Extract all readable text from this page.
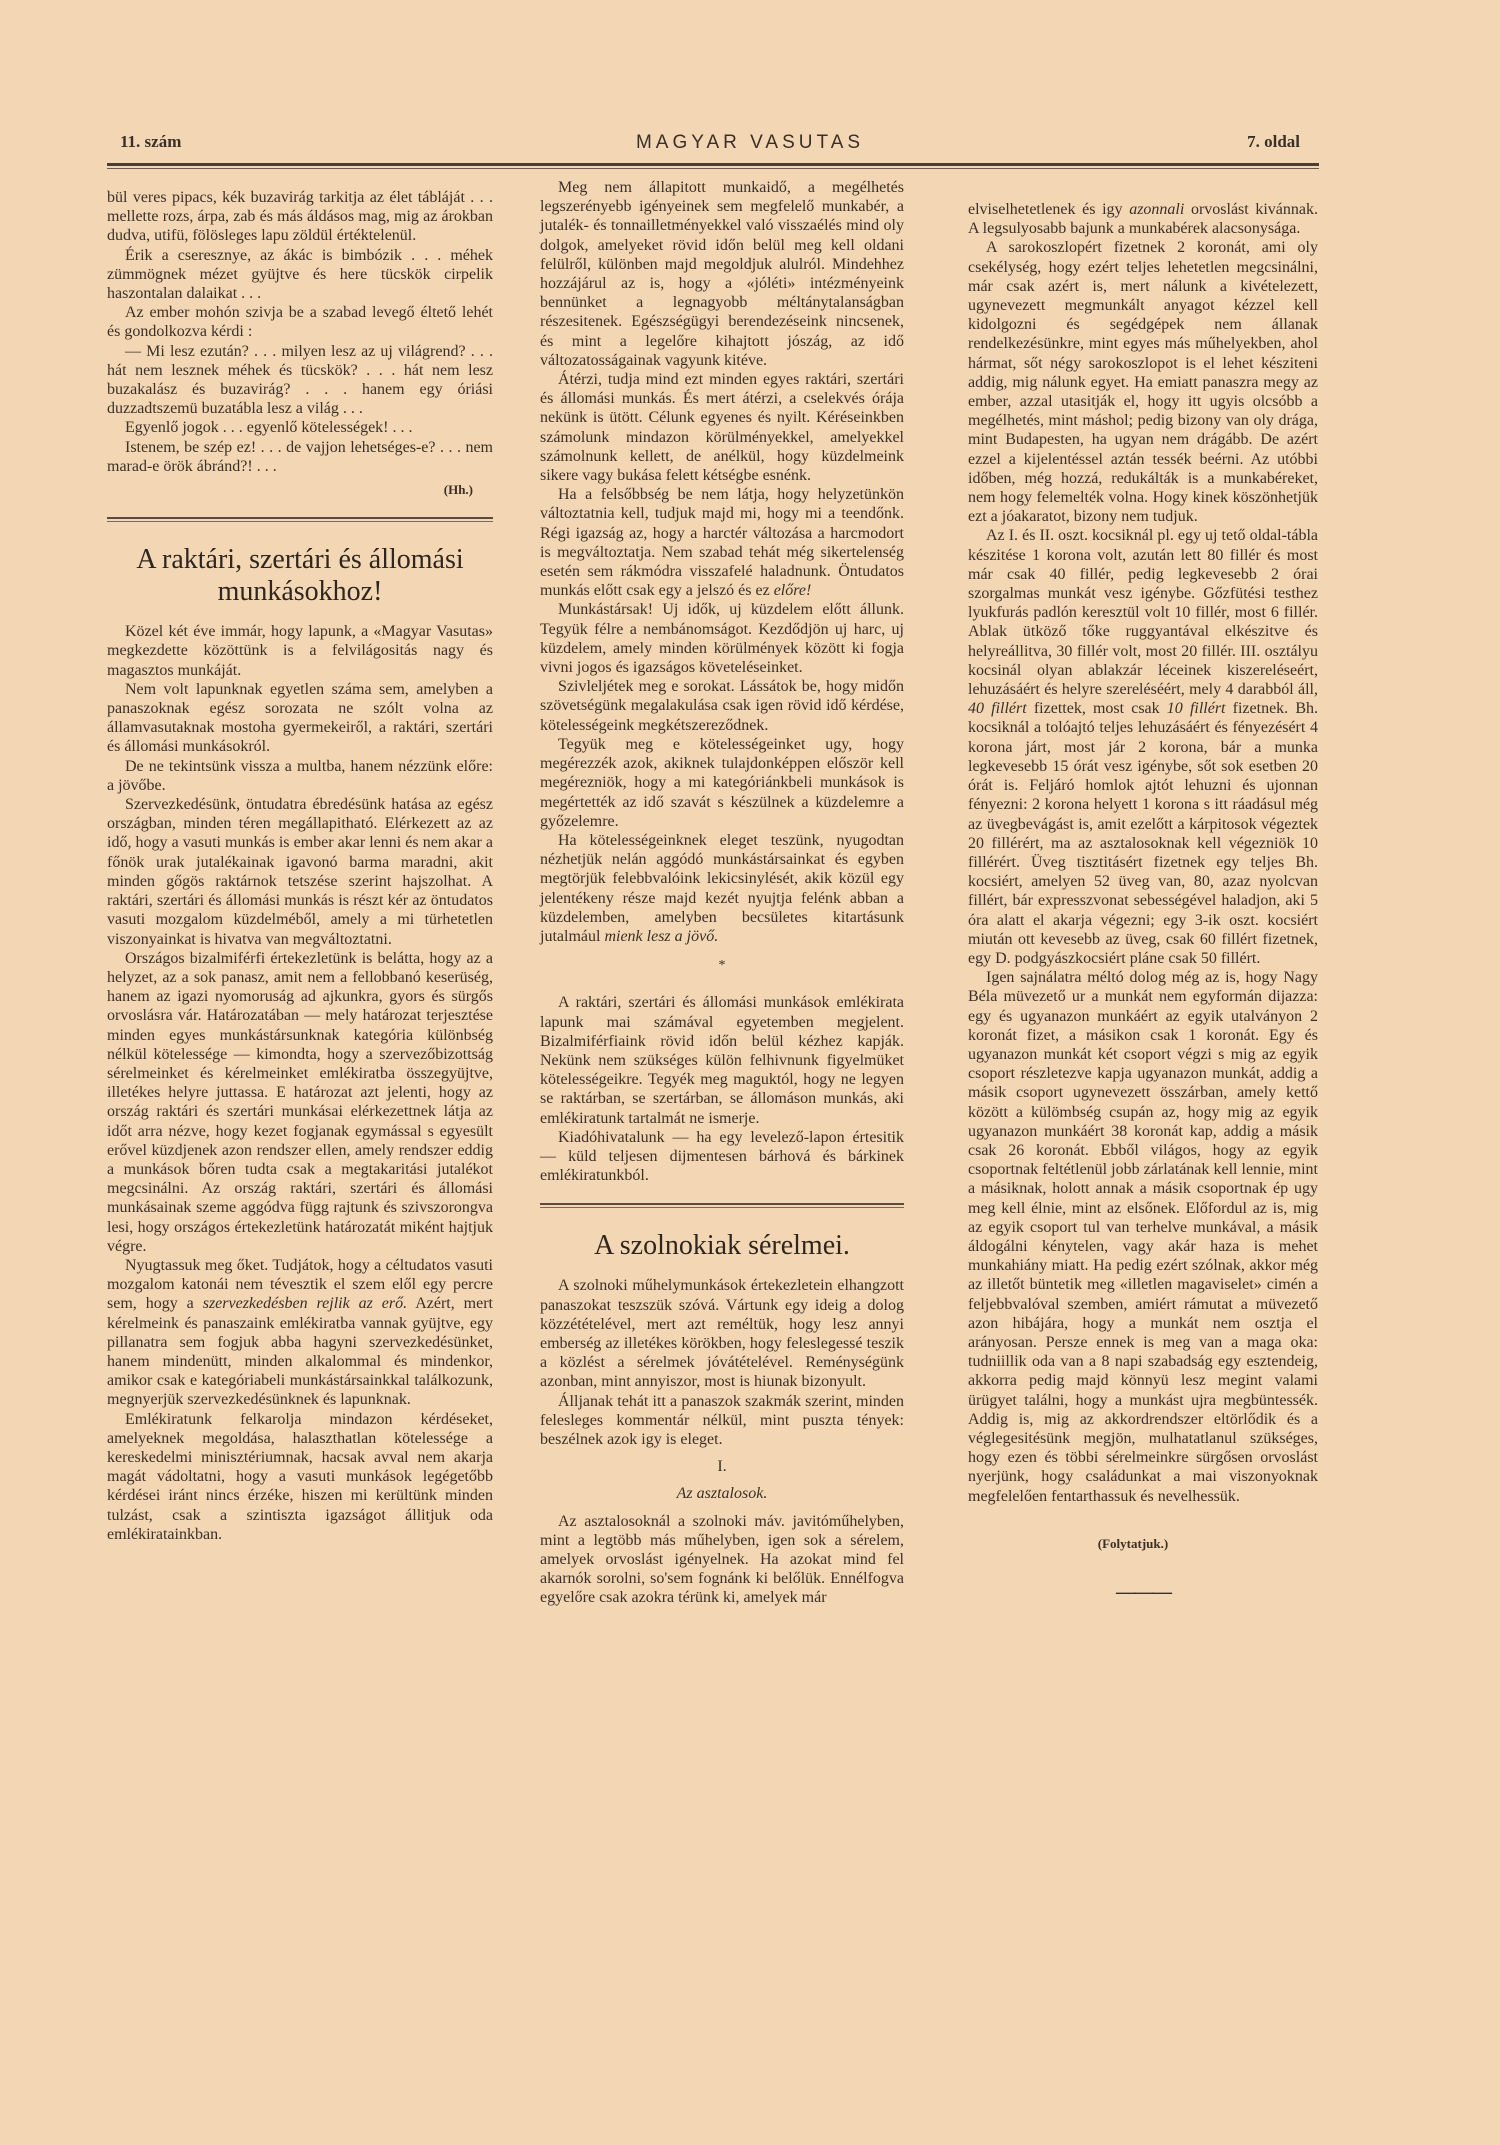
11. szám	MAGYAR VASUTAS	7. oldal
bül veres pipacs, kék buzavirág tarkitja az élet tábláját . . . mellette rozs, árpa, zab és más áldásos mag, mig az árokban dudva, utifü, fölösleges lapu zöldül értéktelenül.
Érik a cseresznye, az ákác is bimbózik . . . méhek zümmögnek mézet gyüjtve és here tücskök cirpelik haszontalan dalaikat . . .
Az ember mohón szivja be a szabad levegő éltető lehét és gondolkozva kérdi :
— Mi lesz ezután? . . . milyen lesz az uj világrend? . . . hát nem lesznek méhek és tücskök? . . . hát nem lesz buzakalász és buzavirág? . . . hanem egy óriási duzzadtszemü buzatábla lesz a világ . . .
Egyenlő jogok . . . egyenlő kötelességek! . . .
Istenem, be szép ez! . . . de vajjon lehetséges-e? . . . nem marad-e örök ábránd?! . . .
(Hh.)
A raktári, szertári és állomási munkásokhoz!
Közel két éve immár, hogy lapunk, a «Magyar Vasutas» megkezdette közöttünk is a felvilágositás nagy és magasztos munkáját.
Nem volt lapunknak egyetlen száma sem, amelyben a panaszoknak egész sorozata ne szólt volna az államvasutaknak mostoha gyermekeiről, a raktári, szertári és állomási munkásokról.
De ne tekintsünk vissza a multba, hanem nézzünk előre: a jövőbe.
Szervezkedésünk, öntudatra ébredésünk hatása az egész országban, minden téren megállapitható. Elérkezett az az idő, hogy a vasuti munkás is ember akar lenni és nem akar a főnök urak jutalékainak igavonó barma maradni, akit minden gőgös raktárnok tetszése szerint hajszolhat. A raktári, szertári és állomási munkás is részt kér az öntudatos vasuti mozgalom küzdelméből, amely a mi türhetetlen viszonyainkat is hivatva van megváltoztatni.
Országos bizalmiférfi értekezletünk is belátta, hogy az a helyzet, az a sok panasz, amit nem a fellobbanó keserüség, hanem az igazi nyomoruság ad ajkunkra, gyors és sürgős orvoslásra vár. Határozatában — mely határozat terjesztése minden egyes munkástársunknak kategória különbség nélkül kötelessége — kimondta, hogy a szervezőbizottság sérelmeinket és kérelmeinket emlékiratba összegyüjtve, illetékes helyre juttassa. E határozat azt jelenti, hogy az ország raktári és szertári munkásai elérkezettnek látja az időt arra nézve, hogy kezet fogjanak egymással s egyesült erővel küzdjenek azon rendszer ellen, amely rendszer eddig a munkások bőren tudta csak a megtakaritási jutalékot megcsinálni. Az ország raktári, szertári és állomási munkásainak szeme aggódva függ rajtunk és szivszorongva lesi, hogy országos értekezletünk határozatát miként hajtjuk végre.
Nyugtassuk meg őket. Tudjátok, hogy a céltudatos vasuti mozgalom katonái nem tévesztik el szem elől egy percre sem, hogy a szervezkedésben rejlik az erő. Azért, mert kérelmeink és panaszaink emlékiratba vannak gyüjtve, egy pillanatra sem fogjuk abba hagyni szervezkedésünket, hanem mindenütt, minden alkalommal és mindenkor, amikor csak e kategóriabeli munkástársainkkal találkozunk, megnyerjük szervezkedésünknek és lapunknak.
Emlékiratunk felkarolja mindazon kérdéseket, amelyeknek megoldása, halaszthatlan kötelessége a kereskedelmi minisztériumnak, hacsak avval nem akarja magát vádoltatni, hogy a vasuti munkások legégetőbb kérdései iránt nincs érzéke, hiszen mi kerültünk minden tulzást, csak a szintiszta igazságot állitjuk oda emlékiratainkban.
Meg nem állapitott munkaidő, a megélhetés legszerényebb igényeinek sem megfelelő munkabér, a jutalék- és tonnailletményekkel való visszaélés mind oly dolgok, amelyeket rövid időn belül meg kell oldani felülről, különben majd megoldjuk alulról. Mindehhez hozzájárul az is, hogy a «jóléti» intézményeink bennünket a legnagyobb méltánytalanságban részesitenek. Egészségügyi berendezéseink nincsenek, és mint a legelőre kihajtott jószág, az idő változatosságainak vagyunk kitéve.
Átérzi, tudja mind ezt minden egyes raktári, szertári és állomási munkás. És mert átérzi, a cselekvés órája nekünk is ütött. Célunk egyenes és nyilt. Kéréseinkben számolunk mindazon körülményekkel, amelyekkel számolnunk kellett, de anélkül, hogy küzdelmeink sikere vagy bukása felett kétségbe esnénk.
Ha a felsőbbség be nem látja, hogy helyzetünkön változtatnia kell, tudjuk majd mi, hogy mi a teendőnk. Régi igazság az, hogy a harctér változása a harcmodort is megváltoztatja. Nem szabad tehát még sikertelenség esetén sem rákmódra visszafelé haladnunk. Öntudatos munkás előtt csak egy a jelszó és ez előre!
Munkástársak! Uj idők, uj küzdelem előtt állunk. Tegyük félre a nembánomságot. Kezdődjön uj harc, uj küzdelem, amely minden körülmények között ki fogja vivni jogos és igazságos követeléseinket.
Szivleljétek meg e sorokat. Lássátok be, hogy midőn szövetségünk megalakulása csak igen rövid idő kérdése, kötelességeink megkétszereződnek.
Tegyük meg e kötelességeinket ugy, hogy megérezzék azok, akiknek tulajdonképpen először kell megérezniök, hogy a mi kategóriánkbeli munkások is megértették az idő szavát s készülnek a küzdelemre a győzelemre.
Ha kötelességeinknek eleget teszünk, nyugodtan nézhetjük nelán aggódó munkástársainkat és egyben megtörjük felebbvalóink lekicsinylését, akik közül egy jelentékeny része majd kezét nyujtja felénk abban a küzdelemben, amelyben becsületes kitartásunk jutalmául mienk lesz a jövő.
*
A raktári, szertári és állomási munkások emlékirata lapunk mai számával egyetemben megjelent. Bizalmiférfiaink rövid időn belül kézhez kapják. Nekünk nem szükséges külön felhivnunk figyelmüket kötelességeikre. Tegyék meg maguktól, hogy ne legyen se raktárban, se szertárban, se állomáson munkás, aki emlékiratunk tartalmát ne ismerje.
Kiadóhivatalunk — ha egy levelező-lapon értesitik — küld teljesen dijmentesen bárhová és bárkinek emlékiratunkból.
A szolnokiak sérelmei.
A szolnoki műhelymunkások értekezletein elhangzott panaszokat teszszük szóvá. Vártunk egy ideig a dolog közzétételével, mert azt reméltük, hogy lesz annyi emberség az illetékes körökben, hogy feleslegessé teszik a közlést a sérelmek jóvátételével. Reménységünk azonban, mint annyiszor, most is hiunak bizonyult.
Álljanak tehát itt a panaszok szakmák szerint, minden felesleges kommentár nélkül, mint puszta tények: beszélnek azok igy is eleget.
I.
Az asztalosok.
Az asztalosoknál a szolnoki máv. javitóműhelyben, mint a legtöbb más műhelyben, igen sok a sérelem, amelyek orvoslást igényelnek. Ha azokat mind fel akarnók sorolni, so'sem fognánk ki belőlük. Ennélfogva egyelőre csak azokra térünk ki, amelyek már
elviselhetetlenek és igy azonnali orvoslást kivánnak. A legsulyosabb bajunk a munkabérek alacsonysága.
A sarokoszlopért fizetnek 2 koronát, ami oly csekélység, hogy ezért teljes lehetetlen megcsinálni, már csak azért is, mert nálunk a kivételezett, ugynevezett megmunkált anyagot kézzel kell kidolgozni és segédgépek nem állanak rendelkezésünkre, mint egyes más műhelyekben, ahol hármat, sőt négy sarokoszlopot is el lehet késziteni addig, mig nálunk egyet. Ha emiatt panaszra megy az ember, azzal utasitják el, hogy itt ugyis olcsóbb a megélhetés, mint máshol; pedig bizony van oly drága, mint Budapesten, ha ugyan nem drágább. De azért ezzel a kijelentéssel aztán tessék beérni. Az utóbbi időben, még hozzá, redukálták is a munkabéreket, nem hogy felemelték volna. Hogy kinek köszönhetjük ezt a jóakaratot, bizony nem tudjuk.
Az I. és II. oszt. kocsiknál pl. egy uj tető oldal-tábla készitése 1 korona volt, azután lett 80 fillér és most már csak 40 fillér, pedig legkevesebb 2 órai szorgalmas munkát vesz igénybe. Gőzfütési testhez lyukfurás padlón keresztül volt 10 fillér, most 6 fillér. Ablak ütköző tőke ruggyantával elkészitve és helyreállitva, 30 fillér volt, most 20 fillér. III. osztályu kocsinál olyan ablakzár léceinek kiszereléseért, lehuzásáért és helyre szereléséért, mely 4 darabból áll, 40 fillért fizettek, most csak 10 fillért fizetnek. Bh. kocsiknál a tolóajtó teljes lehuzásáért és fényezésért 4 korona járt, most jár 2 korona, bár a munka legkevesebb 15 órát vesz igénybe, sőt sok esetben 20 órát is. Feljáró homlok ajtót lehuzni és ujonnan fényezni: 2 korona helyett 1 korona s itt ráadásul még az üvegbevágást is, amit ezelőtt a kárpitosok végeztek 20 fillérért, ma az asztalosoknak kell végezniök 10 fillérért. Üveg tisztitásért fizetnek egy teljes Bh. kocsiért, amelyen 52 üveg van, 80, azaz nyolcvan fillért, bár expresszvonat sebességével haladjon, aki 5 óra alatt el akarja végezni; egy 3-ik oszt. kocsiért miután ott kevesebb az üveg, csak 60 fillért fizetnek, egy D. podgyászkocsiért pláne csak 50 fillért.
Igen sajnálatra méltó dolog még az is, hogy Nagy Béla müvezető ur a munkát nem egyformán dijazza: egy és ugyanazon munkáért az egyik utalványon 2 koronát fizet, a másikon csak 1 koronát. Egy és ugyanazon munkát két csoport végzi s mig az egyik csoport részletezve kapja ugyanazon munkát, addig a másik csoport ugynevezett összárban, amely kettő között a külömbség csupán az, hogy mig az egyik ugyanazon munkáért 38 koronát kap, addig a másik csak 26 koronát. Ebből világos, hogy az egyik csoportnak feltétlenül jobb zárlatának kell lennie, mint a másiknak, holott annak a másik csoportnak ép ugy meg kell élnie, mint az elsőnek. Előfordul az is, mig az egyik csoport tul van terhelve munkával, a másik áldogálni kénytelen, vagy akár haza is mehet munkahiány miatt. Ha pedig ezért szólnak, akkor még az illetőt büntetik meg «illetlen magaviselet» cimén a feljebbvalóval szemben, amiért rámutat a müvezető azon hibájára, hogy a munkát nem osztja el arányosan. Persze ennek is meg van a maga oka: tudniillik oda van a 8 napi szabadság egy esztendeig, akkorra pedig majd könnyü lesz megint valami ürügyet találni, hogy a munkást ujra megbüntessék. Addig is, mig az akkordrendszer eltörlődik és a véglegesitésünk megjön, mulhatatlanul szükséges, hogy ezen és többi sérelmeinkre sürgősen orvoslást nyerjünk, hogy családunkat a mai viszonyoknak megfelelően fentarthassuk és nevelhessük.
(Folytatjuk.)
———
